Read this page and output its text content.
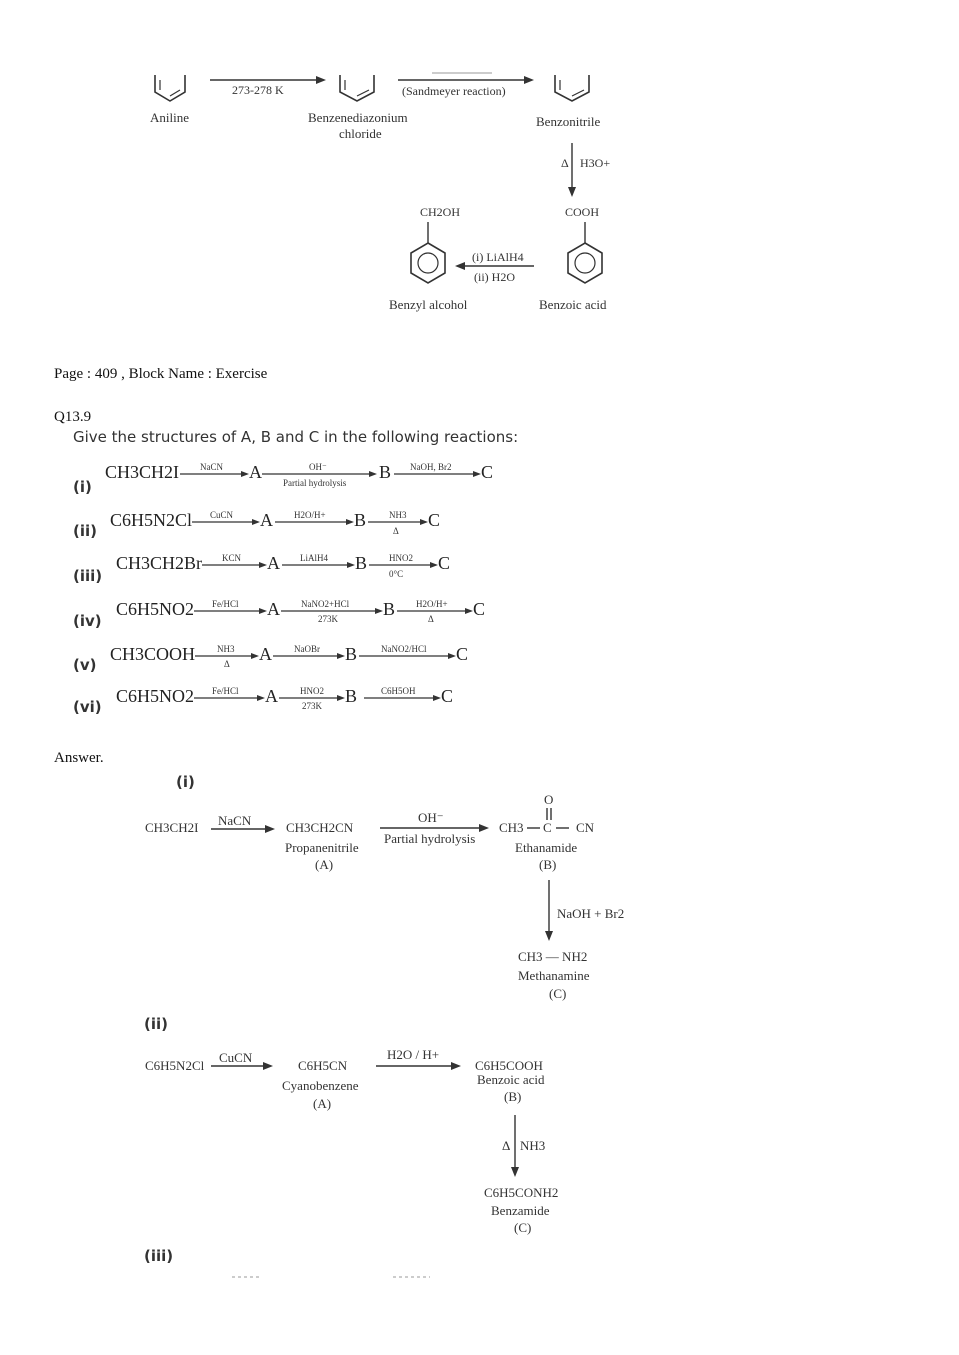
Aniline
273-278 K
Benzenediazonium
chloride
(Sandmeyer reaction)
Benzonitrile
Δ H3O+
CH2OH	COOH
(i) LiAlH4
(ii) H2O
Benzyl alcohol	Benzoic acid
Page : 409 , Block Name : Exercise
Q13.9
Give the structures of A, B and C in the following reactions:
(i)
CH3CH2I NaCN A	OH⁻
Partial hydrolysis
B NaOH, Br2 C
(ii)
C6H5N2Cl CuCN A H2O/H+ B	NH3
Δ
C
(iii)
CH3CH2Br KCN A LiAlH4 B HNO2
0°C
C
(iv)
C6H5NO2 Fe/HCl A NaNO2+HCl
273K	B H2O/H+
Δ C
(v)
CH3COOH NH3
Δ A NaOBr B	NaNO2/HCl C
(vi)
C6H5NO2 Fe/HCl A HNO2
273K B	C6H5OH C
Answer.
(i)
CH3CH2I NaCN	CH3CH2CN
Propanenitrile
(A)
OH⁻
Partial hydrolysis
CH3 C CN
O
Ethanamide
(B)
NaOH + Br2
CH3 — NH2
Methanamine
(C)
(ii)
C6H5N2Cl
CuCN
C6H5CN
Cyanobenzene
(A)
H2O / H+
C6H5COOH
Benzoic acid
(B)
Δ NH3
C6H5CONH2
Benzamide
(C)
(iii)
